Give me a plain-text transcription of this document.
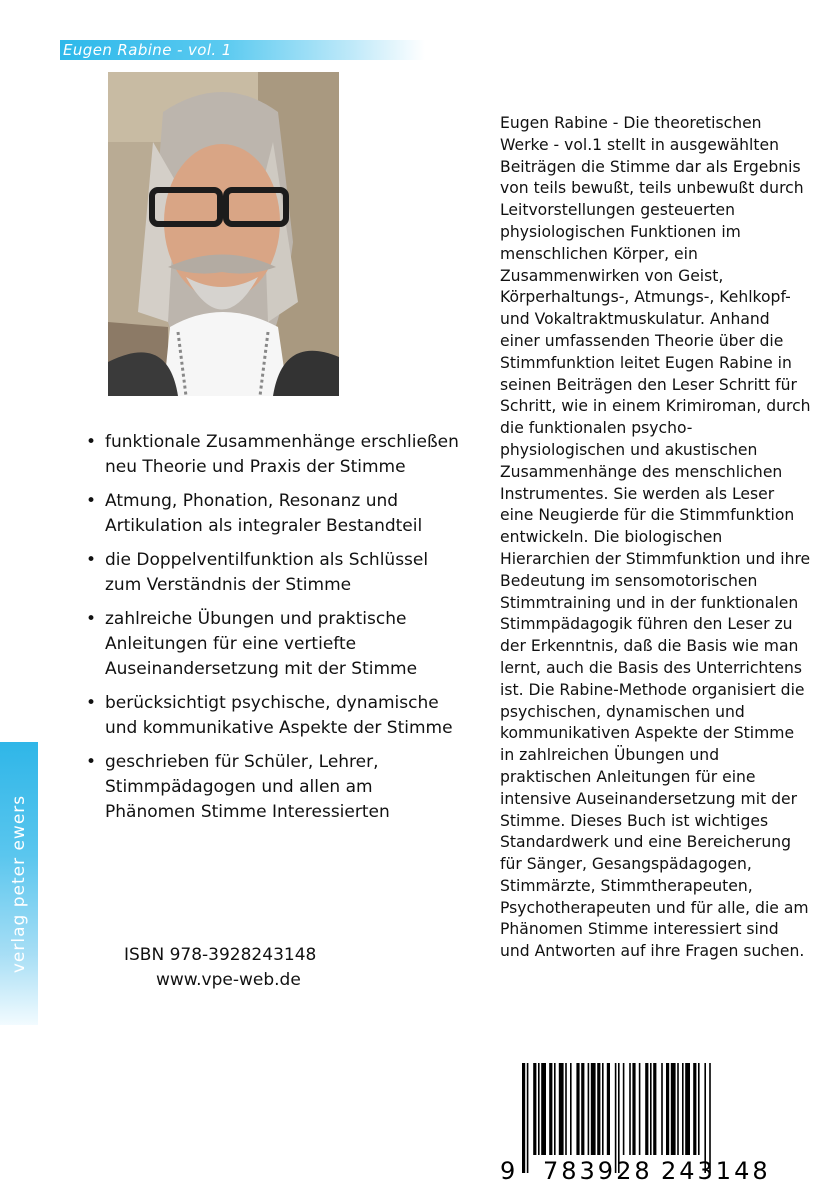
Eugen Rabine - vol. 1
verlag peter ewers
• funktionale Zusammenhänge erschließen neu Theorie und Praxis der Stimme
• Atmung, Phonation, Resonanz und Artikulation als integraler Bestandteil
• die Doppelventilfunktion als Schlüssel zum Verständnis der Stimme
• zahlreiche Übungen und praktische Anleitungen für eine vertiefte Auseinandersetzung mit der Stimme
• berücksichtigt psychische, dynamische und kommunikative Aspekte der Stimme
• geschrieben für Schüler, Lehrer, Stimmpädagogen und allen am Phänomen Stimme Interessierten
ISBN 978-3928243148
www.vpe-web.de

Eugen Rabine - Die theoretischen Werke - vol.1 stellt in ausgewählten Beiträgen die Stimme dar als Ergebnis von teils bewußt, teils unbewußt durch Leitvorstellungen gesteuerten physiologischen Funktionen im menschlichen Körper, ein Zusammenwirken von Geist, Körperhaltungs-, Atmungs-, Kehlkopf- und Vokaltraktmuskulatur. Anhand einer umfassenden Theorie über die Stimmfunktion leitet Eugen Rabine in seinen Beiträgen den Leser Schritt für Schritt, wie in einem Krimiroman, durch die funktionalen psycho-physiologischen und akustischen Zusammenhänge des menschlichen Instrumentes. Sie werden als Leser eine Neugierde für die Stimmfunktion entwickeln. Die biologischen Hierarchien der Stimmfunktion und ihre Bedeutung im sensomotorischen Stimmtraining und in der funktionalen Stimmpädagogik führen den Leser zu der Erkenntnis, daß die Basis wie man lernt, auch die Basis des Unterrichtens ist. Die Rabine-Methode organisiert die psychischen, dynamischen und kommunikativen Aspekte der Stimme in zahlreichen Übungen und praktischen Anleitungen für eine intensive Auseinandersetzung mit der Stimme. Dieses Buch ist wichtiges Standardwerk und eine Bereicherung für Sänger, Gesangspädagogen, Stimmärzte, Stimmtherapeuten, Psychotherapeuten und für alle, die am Phänomen Stimme interessiert sind und Antworten auf ihre Fragen suchen.

9 783928 243148
